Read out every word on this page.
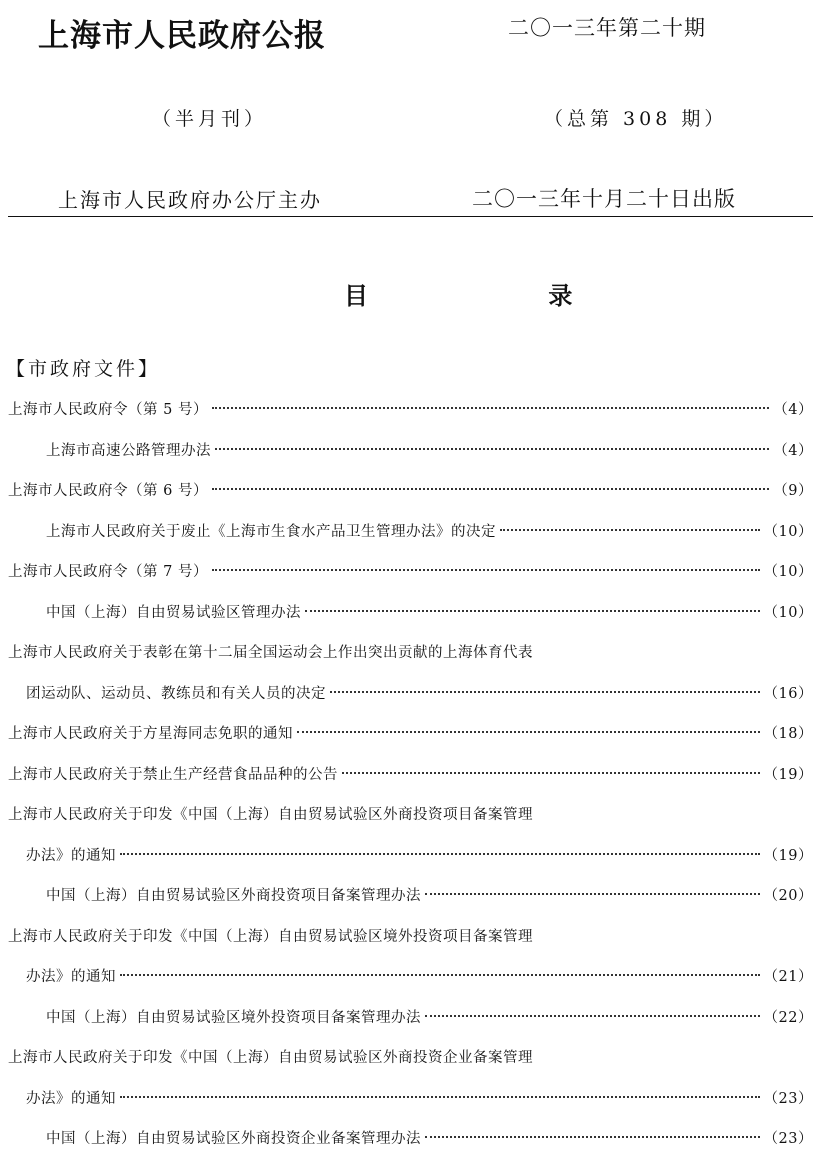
上海市人民政府公报	二〇一三年第二十期
（半月刊）	（总第 308 期）
上海市人民政府办公厅主办	二〇一三年十月二十日出版
目 录
【市政府文件】
上海市人民政府令（第 5 号）	（4）
上海市高速公路管理办法	（4）
上海市人民政府令（第 6 号）	（9）
上海市人民政府关于废止《上海市生食水产品卫生管理办法》的决定	（10）
上海市人民政府令（第 7 号）	（10）
中国（上海）自由贸易试验区管理办法	（10）
上海市人民政府关于表彰在第十二届全国运动会上作出突出贡献的上海体育代表
团运动队、运动员、教练员和有关人员的决定	（16）
上海市人民政府关于方星海同志免职的通知	（18）
上海市人民政府关于禁止生产经营食品品种的公告	（19）
上海市人民政府关于印发《中国（上海）自由贸易试验区外商投资项目备案管理
办法》的通知	（19）
中国（上海）自由贸易试验区外商投资项目备案管理办法	（20）
上海市人民政府关于印发《中国（上海）自由贸易试验区境外投资项目备案管理
办法》的通知	（21）
中国（上海）自由贸易试验区境外投资项目备案管理办法	（22）
上海市人民政府关于印发《中国（上海）自由贸易试验区外商投资企业备案管理
办法》的通知	（23）
中国（上海）自由贸易试验区外商投资企业备案管理办法	（23）
